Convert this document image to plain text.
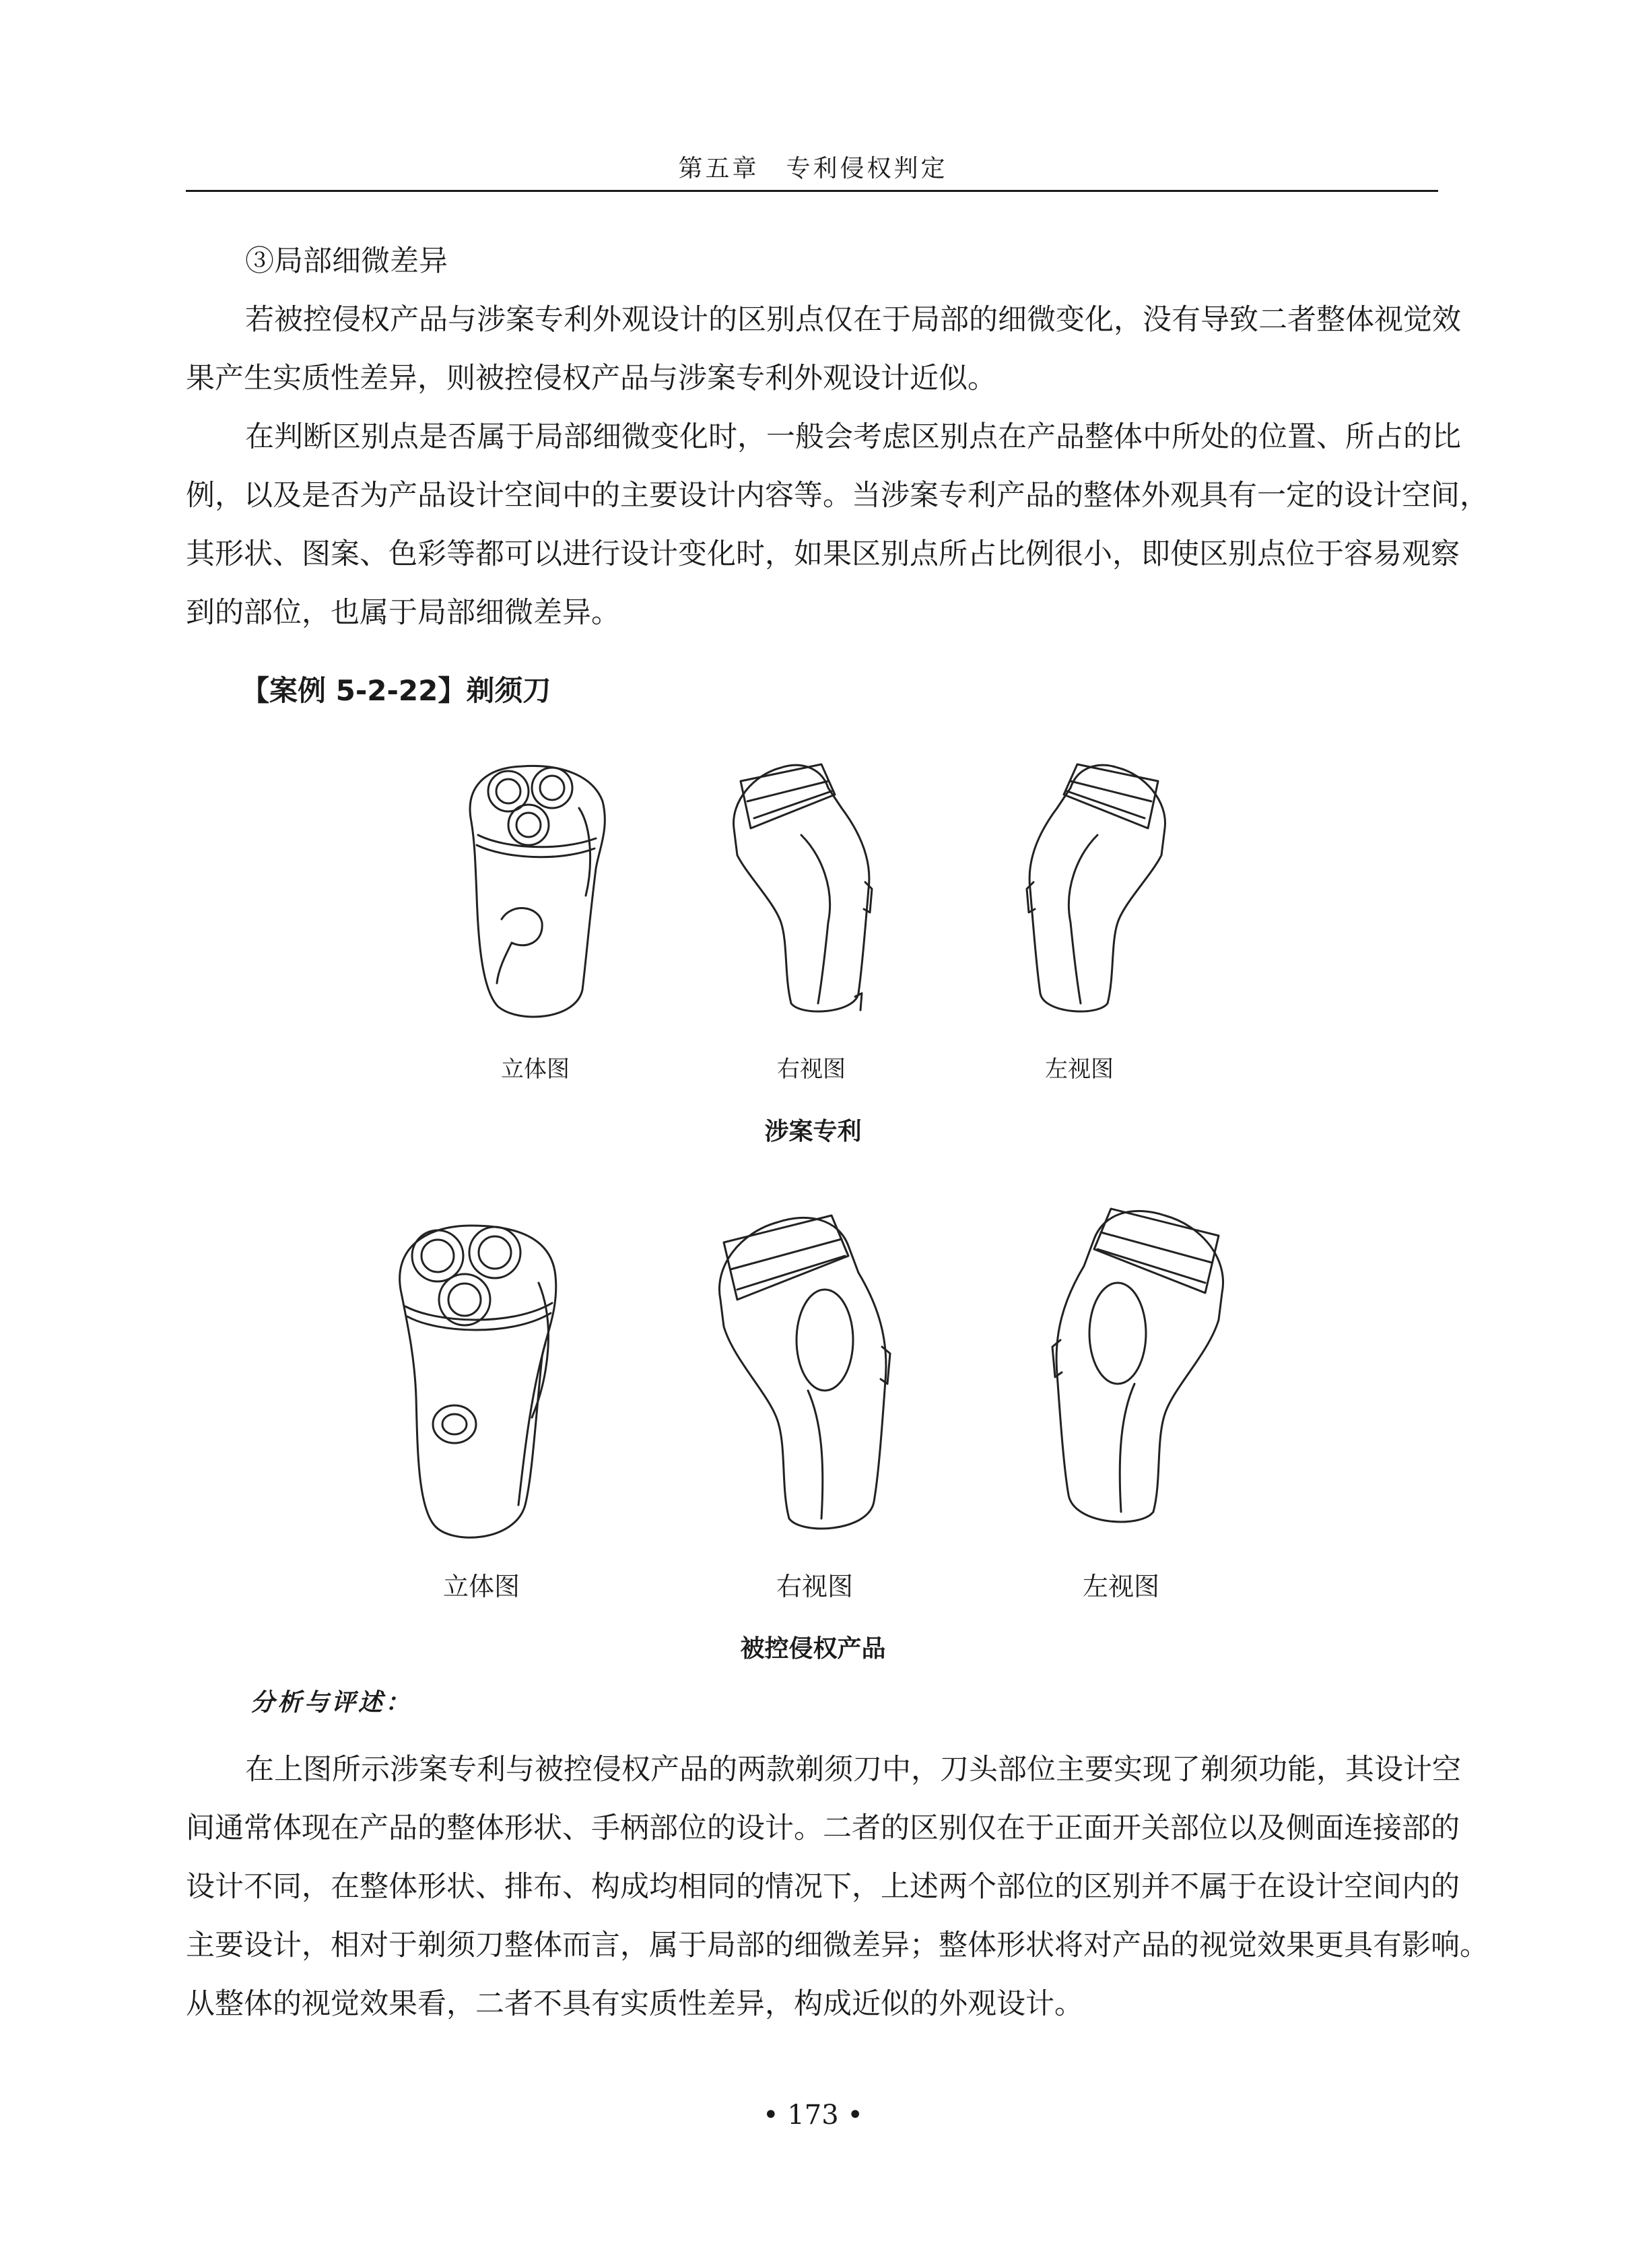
第五章　专利侵权判定
③局部细微差异
若被控侵权产品与涉案专利外观设计的区别点仅在于局部的细微变化，没有导致二者整体视觉效
果产生实质性差异，则被控侵权产品与涉案专利外观设计近似。
在判断区别点是否属于局部细微变化时，一般会考虑区别点在产品整体中所处的位置、所占的比
例，以及是否为产品设计空间中的主要设计内容等。当涉案专利产品的整体外观具有一定的设计空间，
其形状、图案、色彩等都可以进行设计变化时，如果区别点所占比例很小，即使区别点位于容易观察
到的部位，也属于局部细微差异。
【案例 5-2-22】剃须刀
立体图	右视图	左视图
涉案专利
立体图	右视图	左视图
被控侵权产品
分析与评述：
在上图所示涉案专利与被控侵权产品的两款剃须刀中，刀头部位主要实现了剃须功能，其设计空
间通常体现在产品的整体形状、手柄部位的设计。二者的区别仅在于正面开关部位以及侧面连接部的
设计不同，在整体形状、排布、构成均相同的情况下，上述两个部位的区别并不属于在设计空间内的
主要设计，相对于剃须刀整体而言，属于局部的细微差异；整体形状将对产品的视觉效果更具有影响。
从整体的视觉效果看，二者不具有实质性差异，构成近似的外观设计。
• 173 •
